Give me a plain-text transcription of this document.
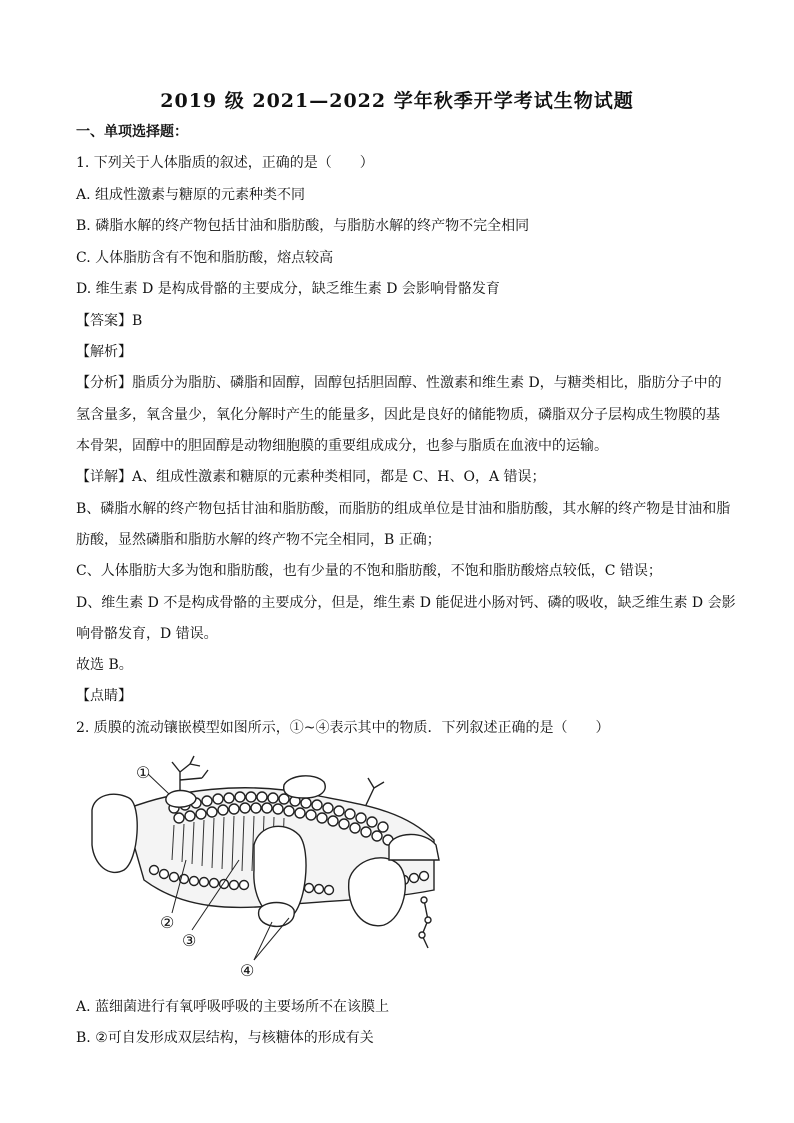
2019 级 2021—2022 学年秋季开学考试生物试题
一、单项选择题：
1. 下列关于人体脂质的叙述，正确的是（　　）
A. 组成性激素与糖原的元素种类不同
B. 磷脂水解的终产物包括甘油和脂肪酸，与脂肪水解的终产物不完全相同
C. 人体脂肪含有不饱和脂肪酸，熔点较高
D. 维生素 D 是构成骨骼的主要成分，缺乏维生素 D 会影响骨骼发育
【答案】B
【解析】
【分析】脂质分为脂肪、磷脂和固醇，固醇包括胆固醇、性激素和维生素 D，与糖类相比，脂肪分子中的
氢含量多，氧含量少，氧化分解时产生的能量多，因此是良好的储能物质，磷脂双分子层构成生物膜的基
本骨架，固醇中的胆固醇是动物细胞膜的重要组成成分，也参与脂质在血液中的运输。
【详解】A、组成性激素和糖原的元素种类相同，都是 C、H、O，A 错误；
B、磷脂水解的终产物包括甘油和脂肪酸，而脂肪的组成单位是甘油和脂肪酸，其水解的终产物是甘油和脂
肪酸，显然磷脂和脂肪水解的终产物不完全相同，B 正确；
C、人体脂肪大多为饱和脂肪酸，也有少量的不饱和脂肪酸，不饱和脂肪酸熔点较低，C 错误；
D、维生素 D 不是构成骨骼的主要成分，但是，维生素 D 能促进小肠对钙、磷的吸收，缺乏维生素 D 会影
响骨骼发育，D 错误。
故选 B。
【点睛】
2. 质膜的流动镶嵌模型如图所示，①~④表示其中的物质．下列叙述正确的是（　　）
①
②
③
④
A. 蓝细菌进行有氧呼吸呼吸的主要场所不在该膜上
B. ②可自发形成双层结构，与核糖体的形成有关
